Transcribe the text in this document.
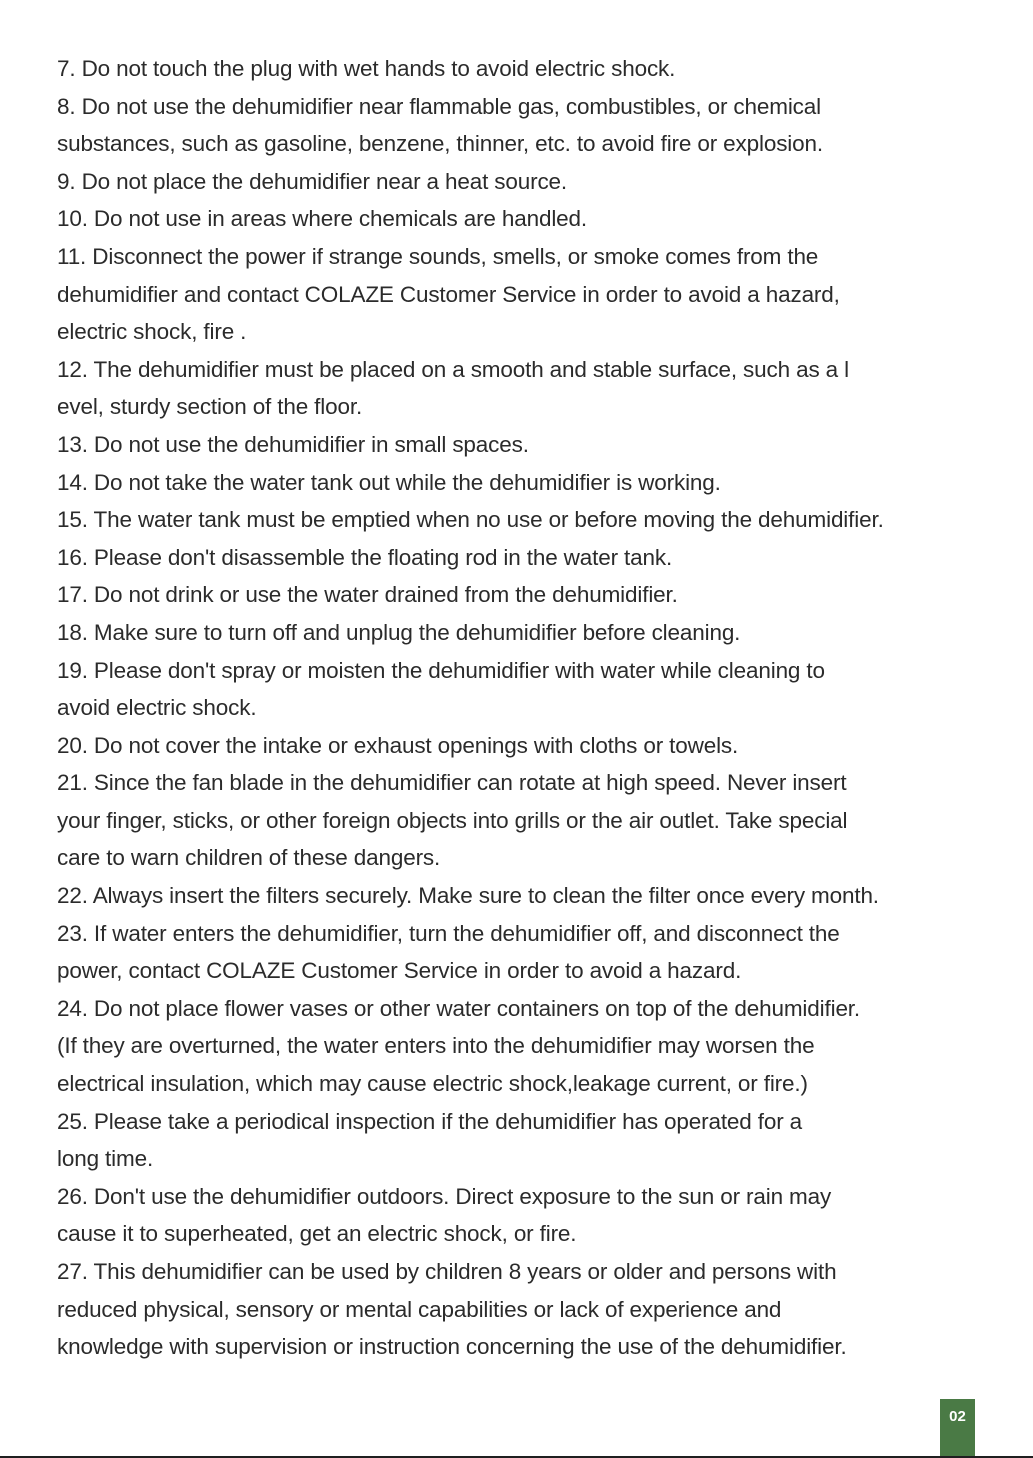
7. Do not touch the plug with wet hands to avoid electric shock.
8. Do not use the dehumidifier near flammable gas, combustibles, or chemical
substances, such as gasoline, benzene, thinner, etc. to avoid fire or explosion.
9. Do not place the dehumidifier near a heat source.
10. Do not use in areas where chemicals are handled.
11. Disconnect the power if strange sounds, smells, or smoke comes from the
dehumidifier and contact COLAZE Customer Service in order to avoid a hazard,
electric shock, fire .
12. The dehumidifier must be placed on a smooth and stable surface, such as a l
evel, sturdy section of the floor.
13. Do not use the dehumidifier in small spaces.
14. Do not take the water tank out while the dehumidifier is working.
15. The water tank must be emptied when no use or before moving the dehumidifier.
16. Please don't disassemble the floating rod in the water tank.
17. Do not drink or use the water drained from the dehumidifier.
18. Make sure to turn off and unplug the dehumidifier before cleaning.
19. Please don't spray or moisten the dehumidifier with water while cleaning to
avoid electric shock.
20. Do not cover the intake or exhaust openings with cloths or towels.
21. Since the fan blade in the dehumidifier can rotate at high speed. Never insert
your finger, sticks, or other foreign objects into grills or the air outlet. Take special
care to warn children of these dangers.
22. Always insert the filters securely. Make sure to clean the filter once every month.
23. If water enters the dehumidifier, turn the dehumidifier off, and disconnect the
power, contact COLAZE Customer Service in order to avoid a hazard.
24. Do not place flower vases or other water containers on top of the dehumidifier.
(If they are overturned, the water enters into the dehumidifier may worsen the
electrical insulation, which may cause electric shock,leakage current, or fire.)
25. Please take a periodical inspection if the dehumidifier has operated for a
long time.
26. Don't use the dehumidifier outdoors. Direct exposure to the sun or rain may
cause it to superheated, get an electric shock, or fire.
27. This dehumidifier can be used by children 8 years or older and persons with
reduced physical, sensory or mental capabilities or lack of experience and
knowledge with supervision or instruction concerning the use of the dehumidifier.
02
